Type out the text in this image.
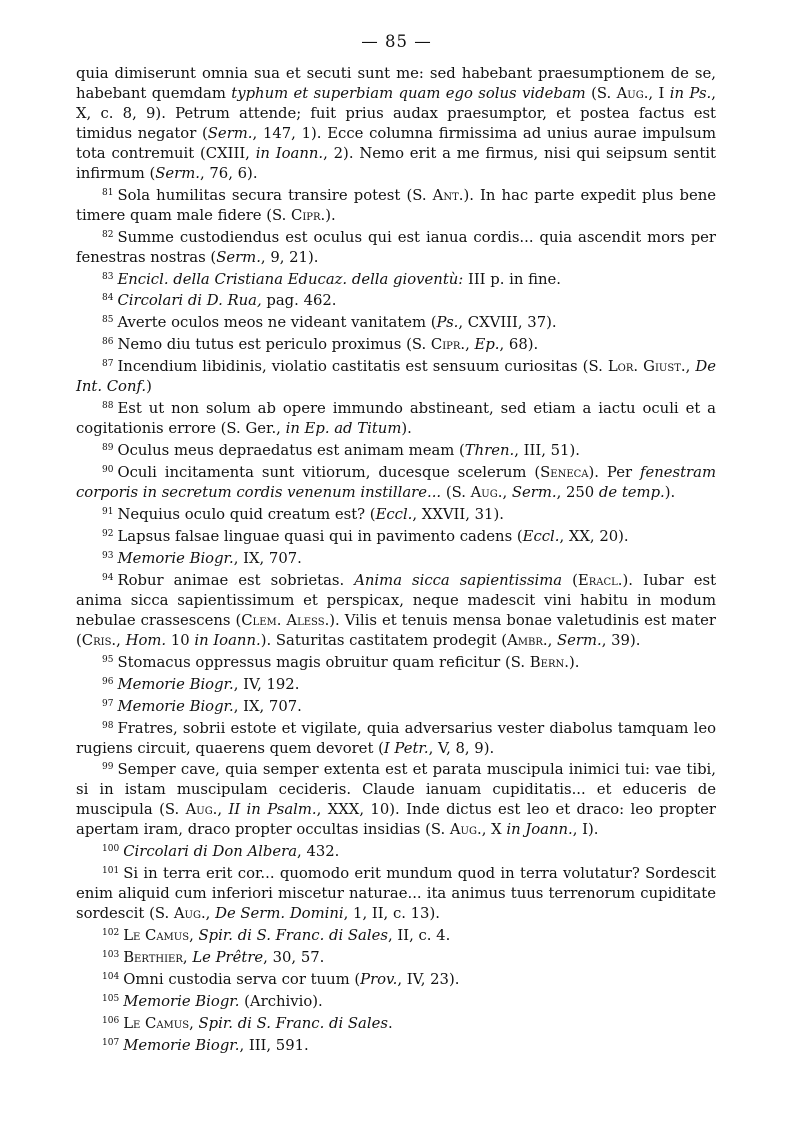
— 85 —

quia dimiserunt omnia sua et secuti sunt me: sed habebant praesumptionem de se, habebant quemdam typhum et superbiam quam ego solus videbam (S. Aug., I in Ps., X, c. 8, 9). Petrum attende; fuit prius audax praesumptor, et postea factus est timidus negator (Serm., 147, 1). Ecce columna firmissima ad unius aurae impulsum tota contremuit (CXIII, in Ioann., 2). Nemo erit a me firmus, nisi qui seipsum sentit infirmum (Serm., 76, 6).

$^{81}$ Sola humilitas secura transire potest (S. Ant.). In hac parte expedit plus bene timere quam male fidere (S. Cipr.).

$^{82}$ Summe custodiendus est oculus qui est ianua cordis... quia ascendit mors per fenestras nostras (Serm., 9, 21).

$^{83}$ Encicl. della Cristiana Educaz. della gioventù: III p. in fine.

$^{84}$ Circolari di D. Rua, pag. 462.

$^{85}$ Averte oculos meos ne videant vanitatem (Ps., CXVIII, 37).

$^{86}$ Nemo diu tutus est periculo proximus (S. Cipr., Ep., 68).

$^{87}$ Incendium libidinis, violatio castitatis est sensuum curiositas (S. Lor. Giust., De Int. Conf.)

$^{88}$ Est ut non solum ab opere immundo abstineant, sed etiam a iactu oculi et a cogitationis errore (S. Ger., in Ep. ad Titum).

$^{89}$ Oculus meus depraedatus est animam meam (Thren., III, 51).

$^{90}$ Oculi incitamenta sunt vitiorum, ducesque scelerum (Seneca). Per fenestram corporis in secretum cordis venenum instillare... (S. Aug., Serm., 250 de temp.).

$^{91}$ Nequius oculo quid creatum est? (Eccl., XXVII, 31).

$^{92}$ Lapsus falsae linguae quasi qui in pavimento cadens (Eccl., XX, 20).

$^{93}$ Memorie Biogr., IX, 707.

$^{94}$ Robur animae est sobrietas. Anima sicca sapientissima (Eracl.). Iubar est anima sicca sapientissimum et perspicax, neque madescit vini habitu in modum nebulae crassescens (Clem. Aless.). Vilis et tenuis mensa bonae valetudinis est mater (Cris., Hom. 10 in Ioann.). Saturitas castitatem prodegit (Ambr., Serm., 39).

$^{95}$ Stomacus oppressus magis obruitur quam reficitur (S. Bern.).

$^{96}$ Memorie Biogr., IV, 192.

$^{97}$ Memorie Biogr., IX, 707.

$^{98}$ Fratres, sobrii estote et vigilate, quia adversarius vester diabolus tamquam leo rugiens circuit, quaerens quem devoret (I Petr., V, 8, 9).

$^{99}$ Semper cave, quia semper extenta est et parata muscipula inimici tui: vae tibi, si in istam muscipulam cecideris. Claude ianuam cupiditatis... et educeris de muscipula (S. Aug., II in Psalm., XXX, 10). Inde dictus est leo et draco: leo propter apertam iram, draco propter occultas insidias (S. Aug., X in Joann., I).

$^{100}$ Circolari di Don Albera, 432.

$^{101}$ Si in terra erit cor... quomodo erit mundum quod in terra volutatur? Sordescit enim aliquid cum inferiori miscetur naturae... ita animus tuus terrenorum cupiditate sordescit (S. Aug., De Serm. Domini, 1, II, c. 13).

$^{102}$ Le Camus, Spir. di S. Franc. di Sales, II, c. 4.

$^{103}$ Berthier, Le Prêtre, 30, 57.

$^{104}$ Omni custodia serva cor tuum (Prov., IV, 23).

$^{105}$ Memorie Biogr. (Archivio).

$^{106}$ Le Camus, Spir. di S. Franc. di Sales.

$^{107}$ Memorie Biogr., III, 591.
